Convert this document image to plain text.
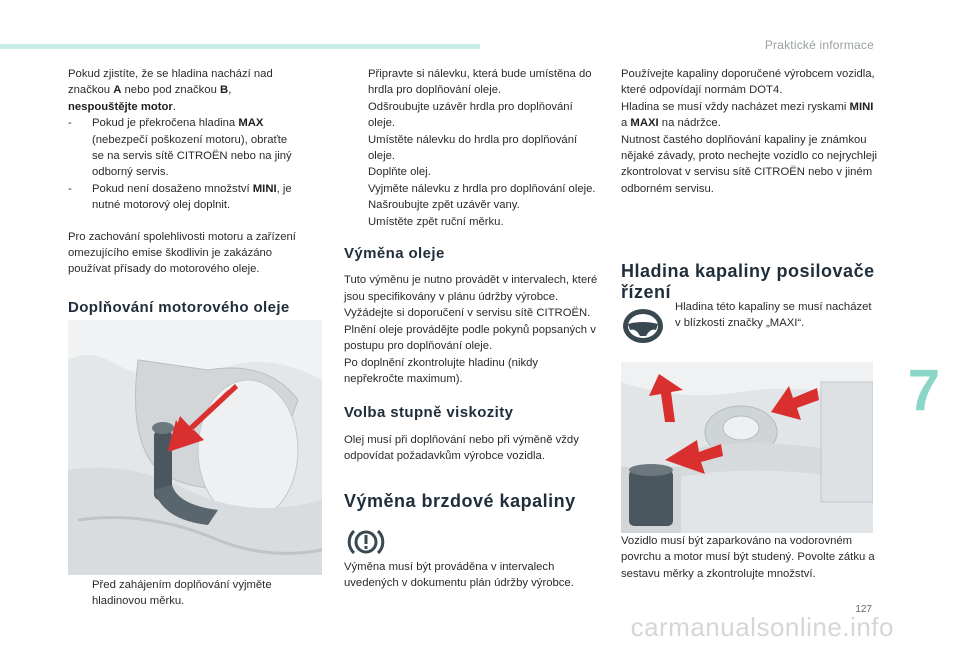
Praktické informace
7
127
carmanualsonline.info

Pokud zjistíte, že se hladina nachází nad značkou A nebo pod značkou B, nespouštějte motor.

- Pokud je překročena hladina MAX (nebezpečí poškození motoru), obraťte se na servis sítě CITROËN nebo na jiný odborný servis.
- Pokud není dosaženo množství MINI, je nutné motorový olej doplnit.

Pro zachování spolehlivosti motoru a zařízení omezujícího emise škodlivin je zakázáno používat přísady do motorového oleje.

Doplňování motorového oleje
Před zahájením doplňování vyjměte hladinovou měrku.
Připravte si nálevku, která bude umístěna do hrdla pro doplňování oleje.
Odšroubujte uzávěr hrdla pro doplňování oleje.
Umístěte nálevku do hrdla pro doplňování oleje.
Doplňte olej.
Vyjměte nálevku z hrdla pro doplňování oleje.
Našroubujte zpět uzávěr vany.
Umístěte zpět ruční měrku.
Výměna oleje
Tuto výměnu je nutno provádět v intervalech, které jsou specifikovány v plánu údržby výrobce. Vyžádejte si doporučení v servisu sítě CITROËN.
Plnění oleje provádějte podle pokynů popsaných v postupu pro doplňování oleje.
Po doplnění zkontrolujte hladinu (nikdy nepřekročte maximum).
Volba stupně viskozity
Olej musí při doplňování nebo při výměně vždy odpovídat požadavkům výrobce vozidla.
Výměna brzdové kapaliny
Výměna musí být prováděna v intervalech uvedených v dokumentu plán údržby výrobce.
Používejte kapaliny doporučené výrobcem vozidla, které odpovídají normám DOT4.
Hladina se musí vždy nacházet mezi ryskami MINI a MAXI na nádržce.
Nutnost častého doplňování kapaliny je známkou nějaké závady, proto nechejte vozidlo co nejrychleji zkontrolovat v servisu sítě CITROËN nebo v jiném odborném servisu.
Hladina kapaliny posilovače řízení
Hladina této kapaliny se musí nacházet v blízkosti značky „MAXI“.
Vozidlo musí být zaparkováno na vodorovném povrchu a motor musí být studený. Povolte zátku a sestavu měrky a zkontrolujte množství.
